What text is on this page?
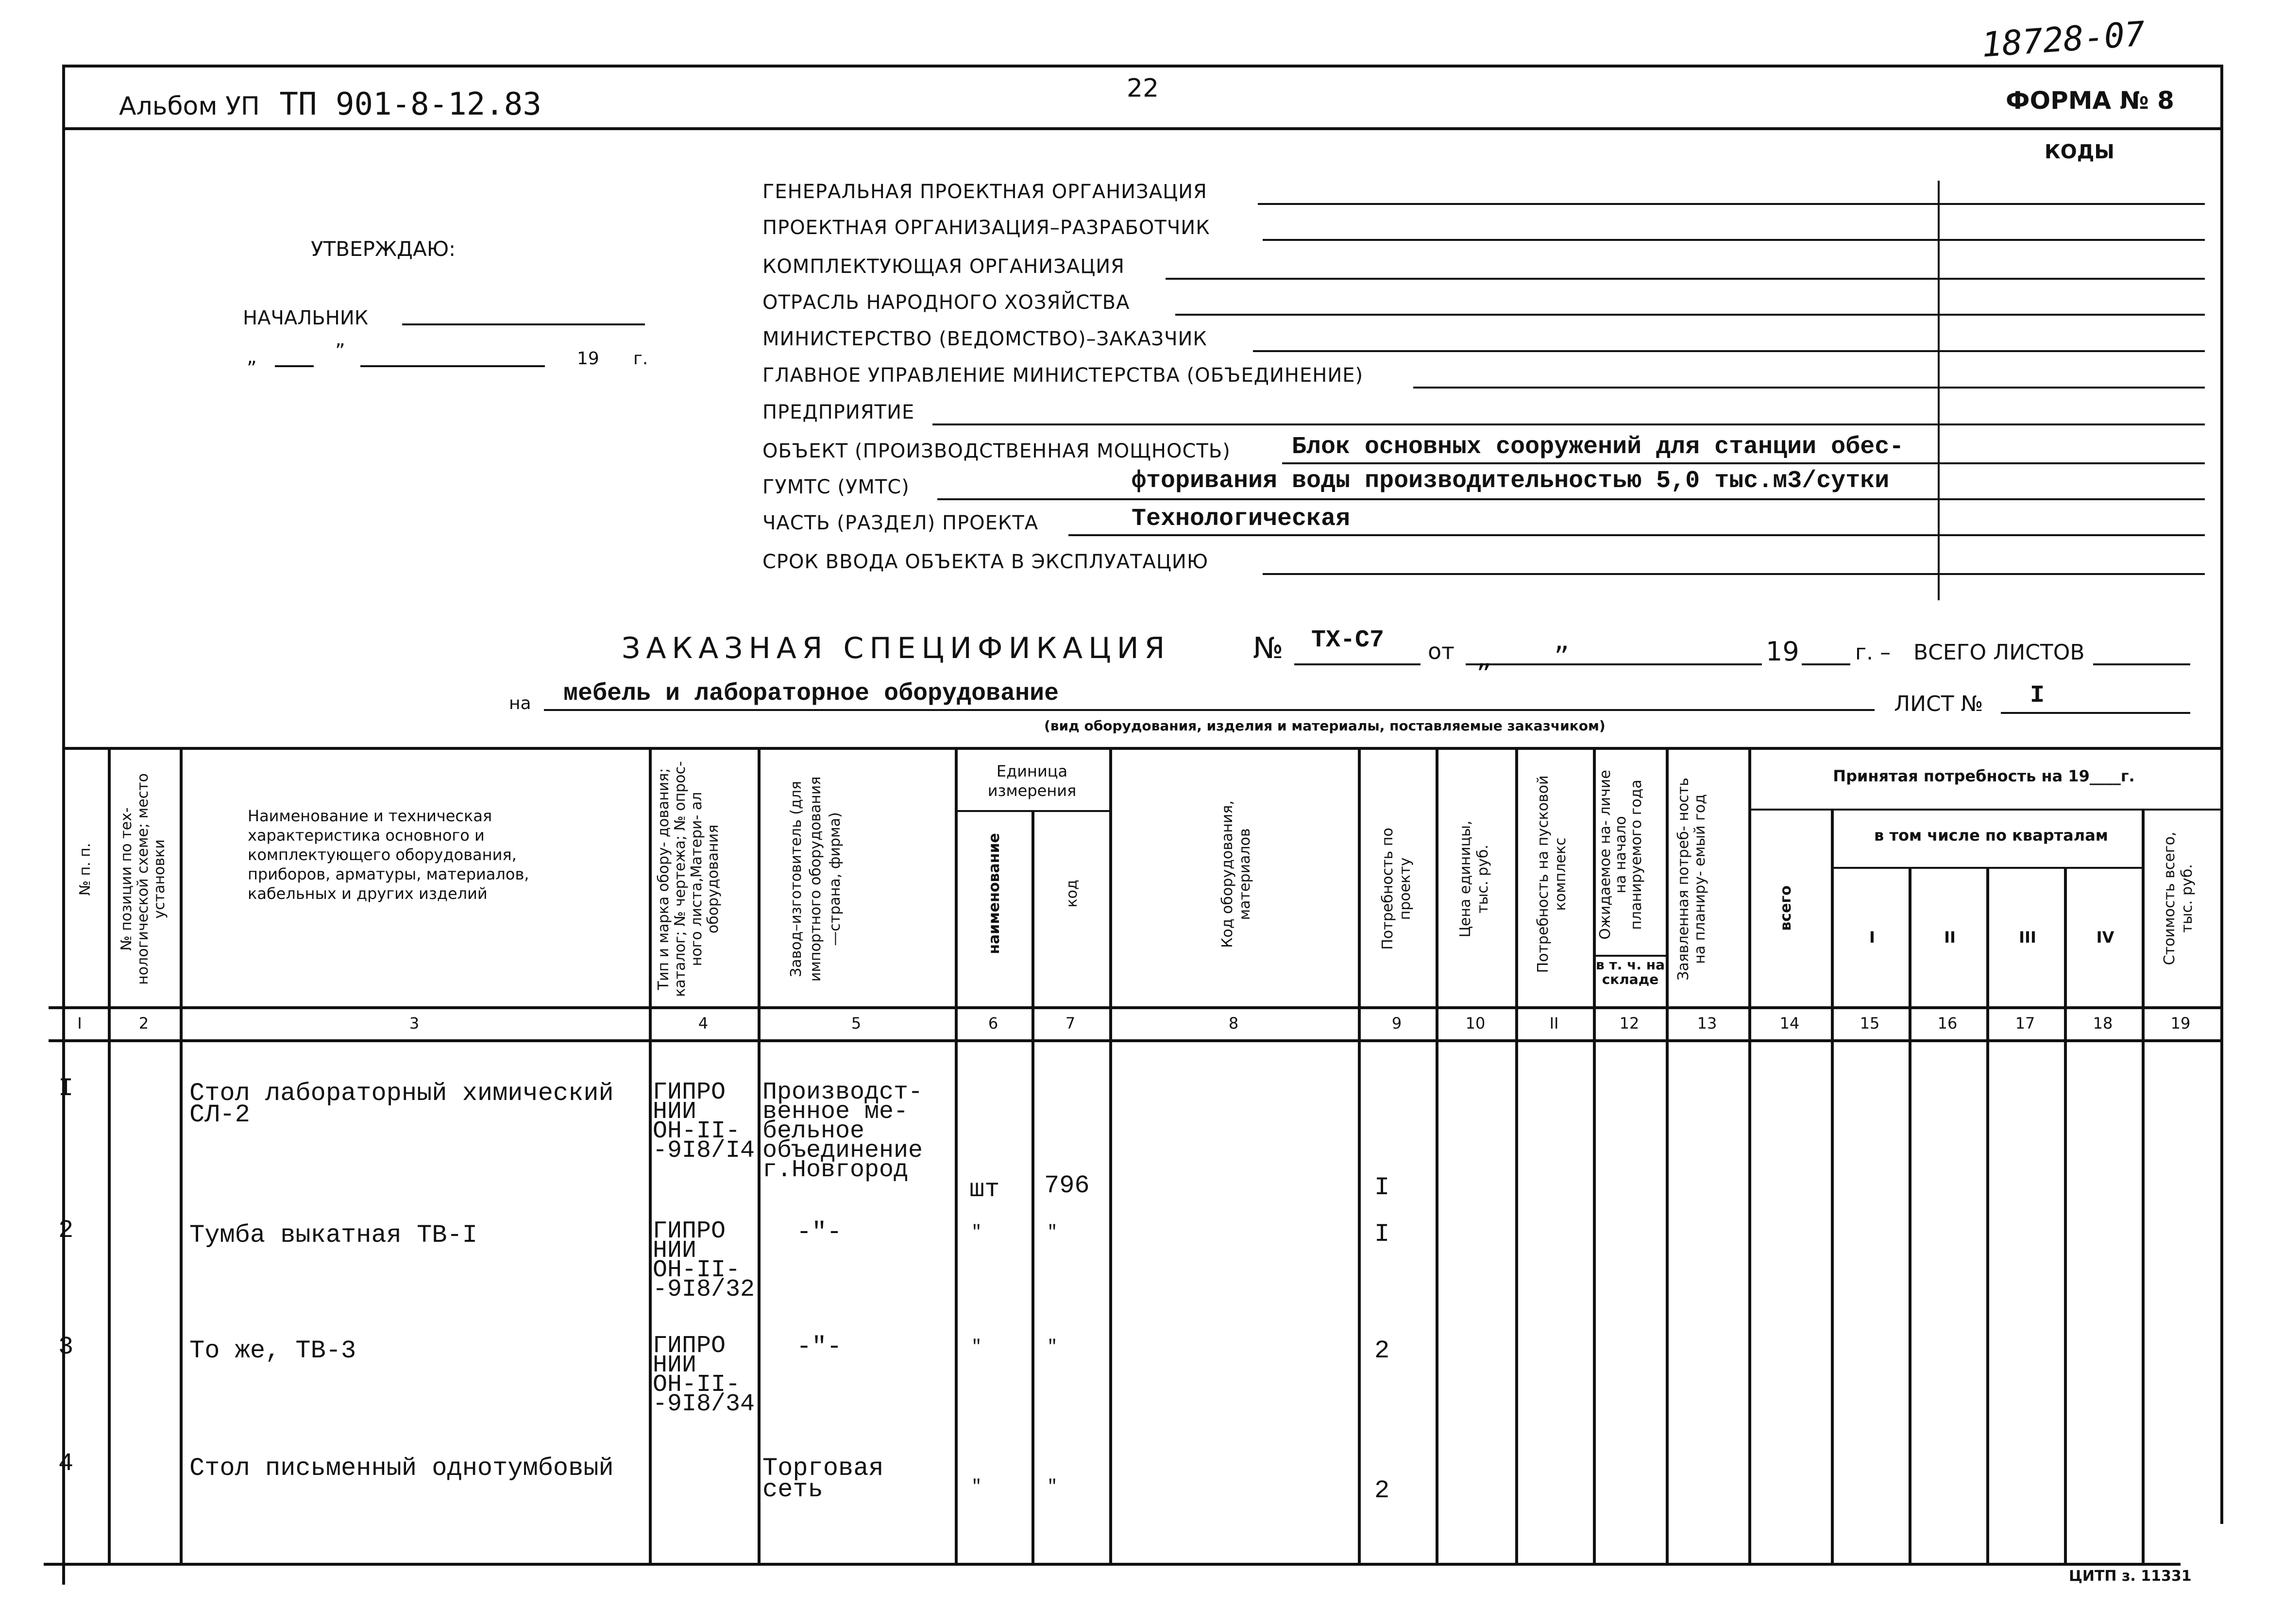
18728-07
Альбом УП ТП 901-8-12.83	22	ФОРМА № 8
КОДЫ
УТВЕРЖДАЮ:
НАЧАЛЬНИК
„	”	19 г.
ГЕНЕРАЛЬНАЯ ПРОЕКТНАЯ ОРГАНИЗАЦИЯ
ПРОЕКТНАЯ ОРГАНИЗАЦИЯ–РАЗРАБОТЧИК
КОМПЛЕКТУЮЩАЯ ОРГАНИЗАЦИЯ
ОТРАСЛЬ НАРОДНОГО ХОЗЯЙСТВА
МИНИСТЕРСТВО (ВЕДОМСТВО)–ЗАКАЗЧИК
ГЛАВНОЕ УПРАВЛЕНИЕ МИНИСТЕРСТВА (ОБЪЕДИНЕНИЕ)
ПРЕДПРИЯТИЕ
ОБЪЕКТ (ПРОИЗВОДСТВЕННАЯ МОЩНОСТЬ)	Блок основных сооружений для станции обес-
ГУМТС (УМТС)	фторивания воды производительностью 5,0 тыс.м3/сутки
ЧАСТЬ (РАЗДЕЛ) ПРОЕКТА	Технологическая
СРОК ВВОДА ОБЪЕКТА В ЭКСПЛУАТАЦИЮ
ЗАКАЗНАЯ СПЕЦИФИКАЦИЯ	№ ТХ-С7 от	„
”
19	г. – ВСЕГО ЛИСТОВ
на мебель и лабораторное оборудование	ЛИСТ № I
(вид оборудования, изделия и материалы, поставляемые заказчиком)
№ п. п. № позиции по тех- нологической схеме; место установки
Наименование и техническая характеристика основного и комплектующего оборудования, приборов, арматуры, материалов, кабельных и других изделий	Тип и марка обору- дования; каталог; № чертежа; № опрос- ного листа,Матери- ал оборудования	Завод–изготовитель (для импортного оборудования —страна, фирма)
Единица измерения
наименование	код	Код оборудования, материалов	Потребность по проекту	Цена единицы, тыс. руб.	Потребность на пусковой комплекс Ожидаемое на- личие на начало планируемого года
в т. ч. на складе	Заявленная потреб- ность на планиру- емый год
Принятая потребность на 19____г.
всего
в том числе по кварталам
I	II	III	IV	Стоимость всего, тыс. руб.
I	2	3	4	5	6	7	8	9	10	II	12	13	14	15	16	17	18	19
I	Стол лабораторный химический
СЛ-2
ГИПРО
НИИ
ОН-II-
-9I8/I4
Производст-
венное ме-
бельное
объединение
г.Новгород
шт 796	I
2	Тумба выкатная ТВ-I	ГИПРО
НИИ
ОН-II-
-9I8/32
-"-	"	"	I
3	То же, ТВ-3	ГИПРО
НИИ
ОН-II-
-9I8/34
-"-	"	"	2
4	Стол письменный однотумбовый	Торговая
сеть	"	"	2
ЦИТП з. 11331
